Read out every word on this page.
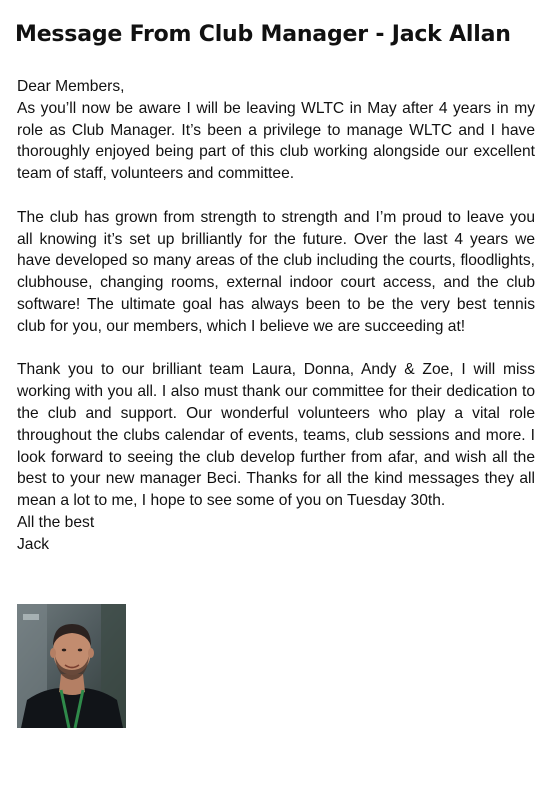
Message From Club Manager - Jack Allan

Dear Members,

As you’ll now be aware I will be leaving WLTC in May after 4 years in my role as Club Manager. It’s been a privilege to manage WLTC and I have thoroughly enjoyed being part of this club working alongside our excellent team of staff, volunteers and committee.

The club has grown from strength to strength and I’m proud to leave you all knowing it’s set up brilliantly for the future. Over the last 4 years we have developed so many areas of the club including the courts, floodlights, clubhouse, changing rooms, external indoor court access, and the club software! The ultimate goal has always been to be the very best tennis club for you, our members, which I believe we are succeeding at!

Thank you to our brilliant team Laura, Donna, Andy & Zoe, I will miss working with you all. I also must thank our committee for their dedication to the club and support. Our wonderful volunteers who play a vital role throughout the clubs calendar of events, teams, club sessions and more. I look forward to seeing the club develop further from afar, and wish all the best to your new manager Beci. Thanks for all the kind messages they all mean a lot to me, I hope to see some of you on Tuesday 30th.

All the best

Jack
